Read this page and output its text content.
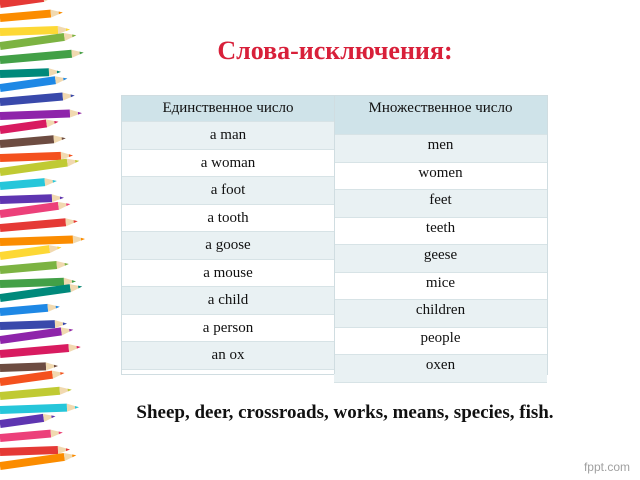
Слова-исключения:
Единственное число	Множественное число
a man
men
a woman
women
a foot
feet
a tooth
teeth
a goose
geese
a mouse
mice
a child
children
a person
people
an ox
oxen
Sheep, deer, crossroads, works, means, species, fish.
fppt.com
